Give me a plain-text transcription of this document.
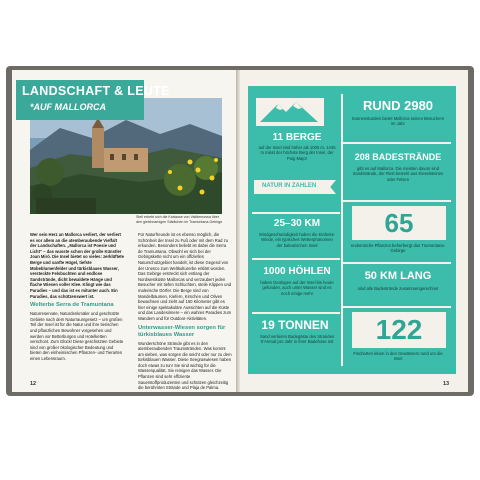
LANDSCHAFT & LEUTE
*AUF MALLORCA
Steil erhebt sich die Kartause von Valldemossa über den gleichnamigen Städtchen im Tramuntana-Gebirge

Wer sein Herz an Mallorca verliert, der verliert es vor allem an die atemberaubende Vielfalt der Landschaften. „Mallorca ist Poesie und Licht“ – das wusste schon der große Künstler Joan Miró. Die Insel bietet so vieles: zerklüftete Berge und sanfte Hügel, tiefste Mobeblumenfelder und türkisblaues Wasser, versteckte Felsbuchten und endlose Sandstrände, dicht bewaldete Hänge und flache Wiesen voller Klee. Klingt wie das Paradies – und das ist es mitunter auch. Ein Paradies, das schützenswert ist.

Welterbe Serra de Tramuntana

Naturreservate, Naturdenkmäler und geschützte Gebiete nach dem Naturraumgesetz – um großen Teil der Insel ist für die Natur und ihre tierischen und pflanzlichen Bewohner vorgesehen und werden vor Betterburgen und Hotelketten verschont. Zum Glück! Diese geschützten Gebiete sind von großer ökologischer Bedeutung und bieten den einheimischen Pflanzen- und Tierarten einen Lebensraum.

Für Naturfreunde ist es ebenso möglich, die Schönheit der Insel zu Fuß oder mit dem Rad zu erkunden. Besonders beliebt ist dabei die Serra de Tramuntana. Obwohl es sich bei der Gebirgskette nicht um ein offizielles Naturschutzgebiet handelt, ist diese Gegend von der Unesco zum Weltkulturerbe erklärt worden. Das Gebirge erstreckt sich entlang der Nordwestküste Mallorcas und verzaubert jeden Besucher mit tiefen Schluchten, steile Klippen und malerische Dörfer. Die Berge sind von Mandelbäumen, Kiefern, Kirschen und Oliven bewachsen und zieht auf 150 Kilometer gibt es hier einige spektakuläre Aussichten auf die Küste und das Landesinnere – ein wahres Paradies zum Wandern und für Outdoor-Aktivitäten.

Unterwasser-Wiesen sorgen für türkisblaues Wasser

Wunderschöne Strände gibt es in den atemberaubenden Traumstränden. Was kommt am sieben, was sorgen die seicht oder nur zu dem türkisblauen Wasser. Diese Seegraswiesen haben doch etwas zu tun! Sie sind wichtig für die Wasserqualität. Sie reinigen das Wasser. Die Pflanzen sind sehr effiziente Sauerstoffproduzenten und schützen gleichzeitig die berühmten Strände und Plaja de Palma.

12
11 BERGE
auf der Insel sind höher als 1000 m. 1445 m misst der höchste Berg der Insel, der Puig Major
NATUR IN ZAHLEN
25–30 KM
Windgeschwindigkeit haben die Einheits-Winde, ein typisches Wetterphänomen der balearischen Insel
1000 HÖHLEN
haben Geologen auf der Insel bis heute gefunden, auch unter Wasser sind es noch einige mehr
19 TONNEN
Sand verlieren Badegäste des Strandes S'Arenal pro Jahr in ihrer Badehose mit
RUND 2980
Sonnenstunden bietet Mallorca seinen Besuchern im Jahr
208 BADESTRÄNDE
gibt es auf Mallorca. Die meisten davon sind Sandstrände, der Rest besteht aus Kieselsteinen oder Felsen
65
endemische Pflanzen beherbergt das Tramontana-Gebirge
50 KM LANG
sind alle Badestrände zusammengerechnet
122
Fischarten leben in den Gewässern rund um die Insel
13
